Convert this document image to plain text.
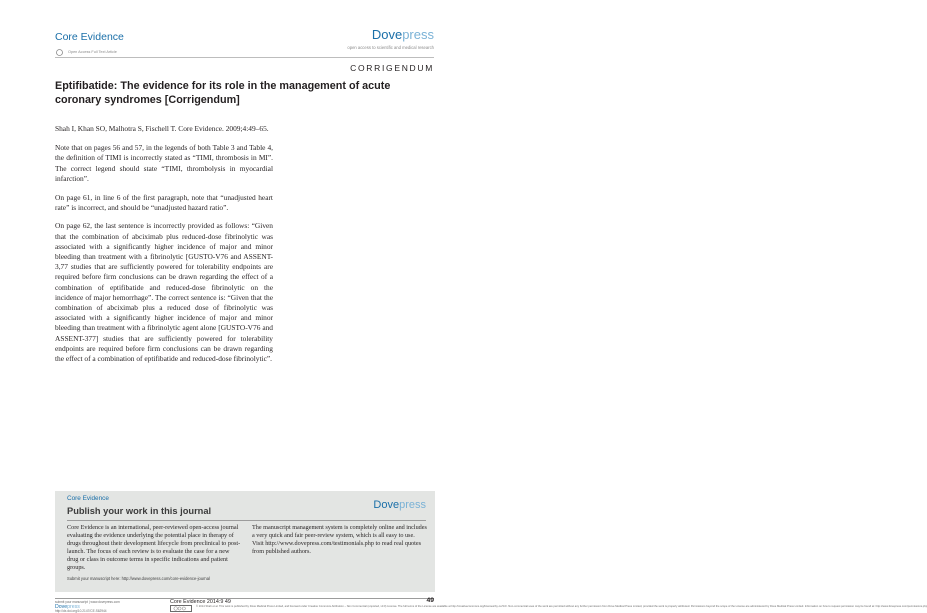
Core Evidence
Open Access Full Text Article
Dovepress
open access to scientific and medical research
CORRIGENDUM
Eptifibatide: The evidence for its role in the management of acute coronary syndromes [Corrigendum]

Shah I, Khan SO, Malhotra S, Fischell T. Core Evidence. 2009;4:49–65.

Note that on pages 56 and 57, in the legends of both Table 3 and Table 4, the definition of TIMI is incorrectly stated as “TIMI, thrombosis in MI”. The correct legend should state “TIMI, thrombolysis in myocardial infarction”.

On page 61, in line 6 of the first paragraph, note that “unadjusted heart rate” is incorrect, and should be “unadjusted hazard ratio”.

On page 62, the last sentence is incorrectly provided as follows: “Given that the combination of abciximab plus reduced-dose fibrinolytic was associated with a significantly higher incidence of major and minor bleeding than treatment with a fibrinolytic [GUSTO-V76 and ASSENT-3,77 studies that are sufficiently powered for tolerability endpoints are required before firm conclusions can be drawn regarding the effect of a combination of eptifibatide and reduced-dose fibrinolytic on the incidence of major hemorrhage”. The correct sentence is: “Given that the combination of abciximab plus a reduced dose of fibrinolytic was associated with a significantly higher incidence of major and minor bleeding than treatment with a fibrinolytic agent alone [GUSTO-V76 and ASSENT-377] studies that are sufficiently powered for tolerability endpoints are required before firm conclusions can be drawn regarding the effect of a combination of eptifibatide and reduced-dose fibrinolytic”.

Core Evidence
Publish your work in this journal	Dovepress
Core Evidence is an international, peer-reviewed open-access journal evaluating the evidence underlying the potential place in therapy of drugs throughout their development lifecycle from preclinical to post-launch. The focus of each review is to evaluate the case for a new drug or class in outcome terms in specific indications and patient groups.
The manuscript management system is completely online and includes a very quick and fair peer-review system, which is all easy to use. Visit http://www.dovepress.com/testimonials.php to read real quotes from published authors.
Submit your manuscript here: http://www.dovepress.com/core-evidence-journal
submit your manuscript | www.dovepress.com
Dovepress
http://dx.doi.org/10.2147/CE.S62944
Core Evidence 2014:9 49	49
© 2014 Shah et al. This work is published by Dove Medical Press Limited, and licensed under Creative Commons Attribution – Non Commercial (unported, v3.0) License. The full terms of the License are available at http://creativecommons.org/licenses/by-nc/3.0/. Non-commercial uses of the work are permitted without any further permission from Dove Medical Press Limited, provided the work is properly attributed. Permissions beyond the scope of the License are administered by Dove Medical Press Limited. Information on how to request permission may be found at: http://www.dovepress.com/permissions.php
